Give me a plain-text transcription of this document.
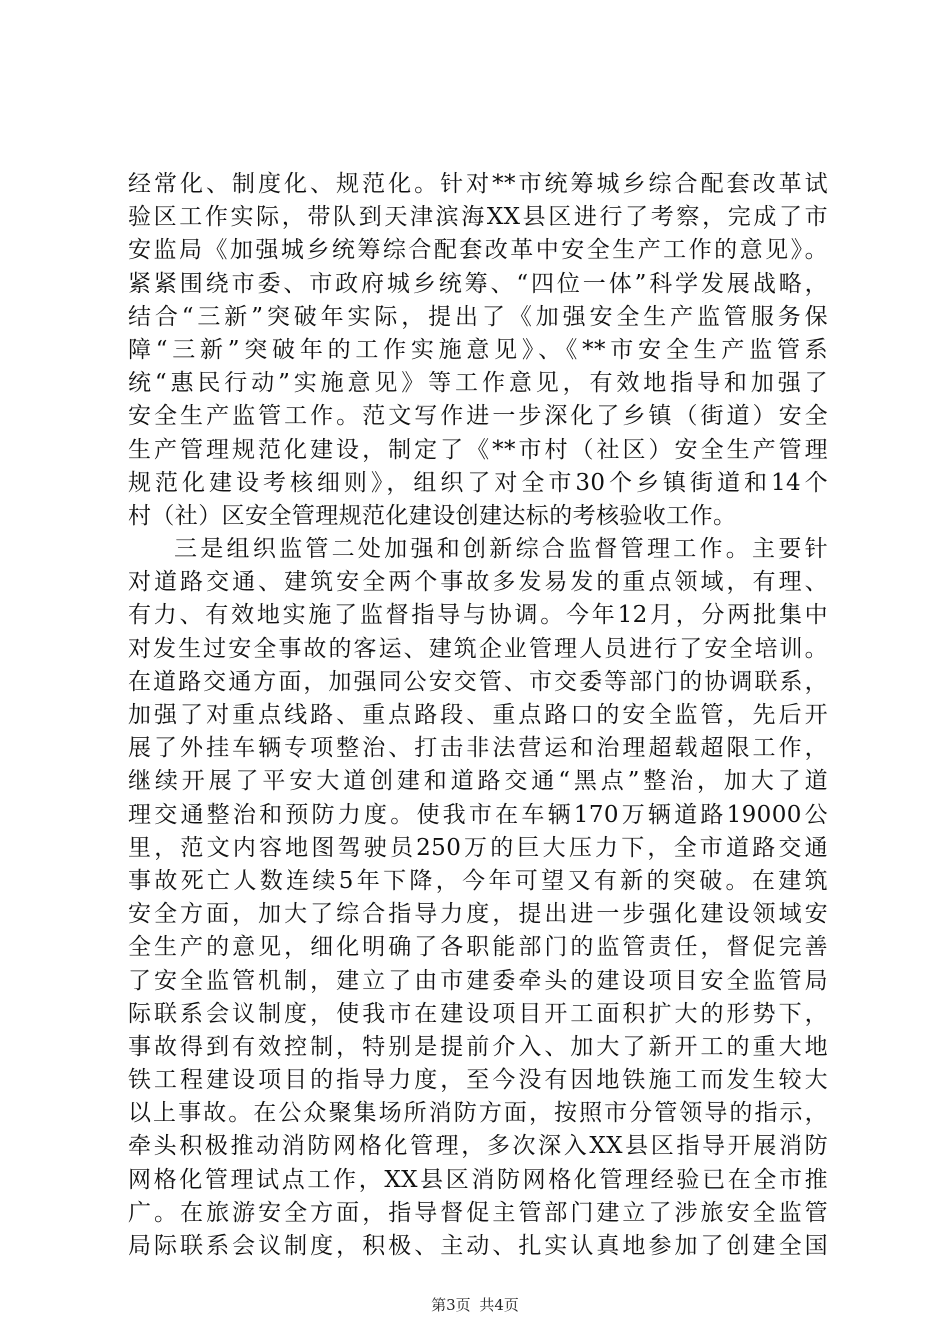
经常化、制度化、规范化。针对**市统筹城乡综合配套改革试
验区工作实际，带队到天津滨海XX县区进行了考察，完成了市
安监局《加强城乡统筹综合配套改革中安全生产工作的意见》。
紧紧围绕市委、市政府城乡统筹、“四位一体”科学发展战略，
结合“三新”突破年实际，提出了《加强安全生产监管服务保
障“三新”突破年的工作实施意见》、《**市安全生产监管系
统“惠民行动”实施意见》等工作意见，有效地指导和加强了
安全生产监管工作。范文写作进一步深化了乡镇（街道）安全
生产管理规范化建设，制定了《**市村（社区）安全生产管理
规范化建设考核细则》，组织了对全市30个乡镇街道和14个
村（社）区安全管理规范化建设创建达标的考核验收工作。
三是组织监管二处加强和创新综合监督管理工作。主要针
对道路交通、建筑安全两个事故多发易发的重点领域，有理、
有力、有效地实施了监督指导与协调。今年12月，分两批集中
对发生过安全事故的客运、建筑企业管理人员进行了安全培训。
在道路交通方面，加强同公安交管、市交委等部门的协调联系，
加强了对重点线路、重点路段、重点路口的安全监管，先后开
展了外挂车辆专项整治、打击非法营运和治理超载超限工作，
继续开展了平安大道创建和道路交通“黑点”整治，加大了道
理交通整治和预防力度。使我市在车辆170万辆道路19000公
里，范文内容地图驾驶员250万的巨大压力下，全市道路交通
事故死亡人数连续5年下降，今年可望又有新的突破。在建筑
安全方面，加大了综合指导力度，提出进一步强化建设领域安
全生产的意见，细化明确了各职能部门的监管责任，督促完善
了安全监管机制，建立了由市建委牵头的建设项目安全监管局
际联系会议制度，使我市在建设项目开工面积扩大的形势下，
事故得到有效控制，特别是提前介入、加大了新开工的重大地
铁工程建设项目的指导力度，至今没有因地铁施工而发生较大
以上事故。在公众聚集场所消防方面，按照市分管领导的指示，
牵头积极推动消防网格化管理，多次深入XX县区指导开展消防
网格化管理试点工作，XX县区消防网格化管理经验已在全市推
广。在旅游安全方面，指导督促主管部门建立了涉旅安全监管
局际联系会议制度，积极、主动、扎实认真地参加了创建全国
第3页 共4页
